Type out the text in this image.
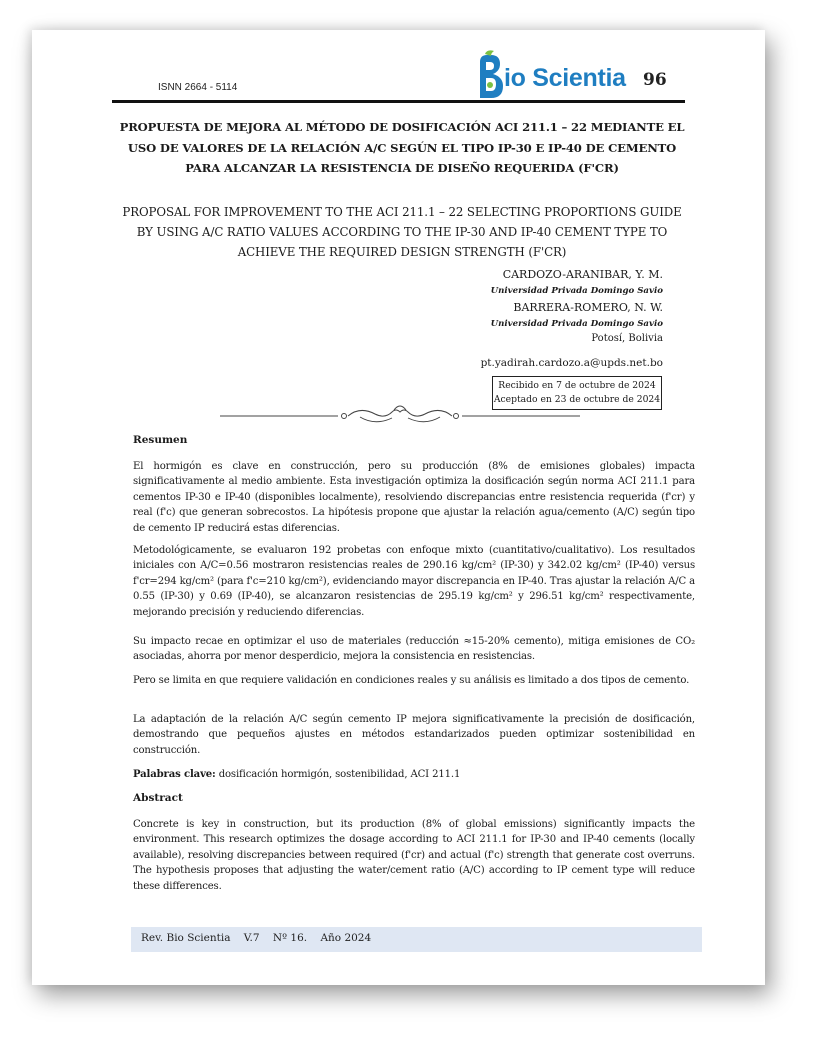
ISNN 2664 - 5114	io Scientia 96
PROPUESTA DE MEJORA AL MÉTODO DE DOSIFICACIÓN ACI 211.1 – 22 MEDIANTE EL USO DE VALORES DE LA RELACIÓN A/C SEGÚN EL TIPO IP-30 E IP-40 DE CEMENTO PARA ALCANZAR LA RESISTENCIA DE DISEÑO REQUERIDA (F'CR)
PROPOSAL FOR IMPROVEMENT TO THE ACI 211.1 – 22 SELECTING PROPORTIONS GUIDE BY USING A/C RATIO VALUES ACCORDING TO THE IP-30 AND IP-40 CEMENT TYPE TO ACHIEVE THE REQUIRED DESIGN STRENGTH (F'CR)
CARDOZO-ARANIBAR, Y. M.
Universidad Privada Domingo Savio
BARRERA-ROMERO, N. W.
Universidad Privada Domingo Savio
Potosí, Bolivia
pt.yadirah.cardozo.a@upds.net.bo
Recibido en 7 de octubre de 2024
Aceptado en 23 de octubre de 2024
Resumen
El hormigón es clave en construcción, pero su producción (8% de emisiones globales) impacta significativamente al medio ambiente. Esta investigación optimiza la dosificación según norma ACI 211.1 para cementos IP-30 e IP-40 (disponibles localmente), resolviendo discrepancias entre resistencia requerida (f'cr) y real (f'c) que generan sobrecostos. La hipótesis propone que ajustar la relación agua/cemento (A/C) según tipo de cemento IP reducirá estas diferencias.
Metodológicamente, se evaluaron 192 probetas con enfoque mixto (cuantitativo/cualitativo). Los resultados iniciales con A/C=0.56 mostraron resistencias reales de 290.16 kg/cm² (IP-30) y 342.02 kg/cm² (IP-40) versus f'cr=294 kg/cm² (para f'c=210 kg/cm²), evidenciando mayor discrepancia en IP-40. Tras ajustar la relación A/C a 0.55 (IP-30) y 0.69 (IP-40), se alcanzaron resistencias de 295.19 kg/cm² y 296.51 kg/cm² respectivamente, mejorando precisión y reduciendo diferencias.
Su impacto recae en optimizar el uso de materiales (reducción ≈15-20% cemento), mitiga emisiones de CO₂ asociadas, ahorra por menor desperdicio, mejora la consistencia en resistencias.
Pero se limita en que requiere validación en condiciones reales y su análisis es limitado a dos tipos de cemento.
La adaptación de la relación A/C según cemento IP mejora significativamente la precisión de dosificación, demostrando que pequeños ajustes en métodos estandarizados pueden optimizar sostenibilidad en construcción.
Palabras clave: dosificación hormigón, sostenibilidad, ACI 211.1
Abstract
Concrete is key in construction, but its production (8% of global emissions) significantly impacts the environment. This research optimizes the dosage according to ACI 211.1 for IP-30 and IP-40 cements (locally available), resolving discrepancies between required (f'cr) and actual (f'c) strength that generate cost overruns. The hypothesis proposes that adjusting the water/cement ratio (A/C) according to IP cement type will reduce these differences.
Rev. Bio Scientia    V.7    Nº 16.    Año 2024
